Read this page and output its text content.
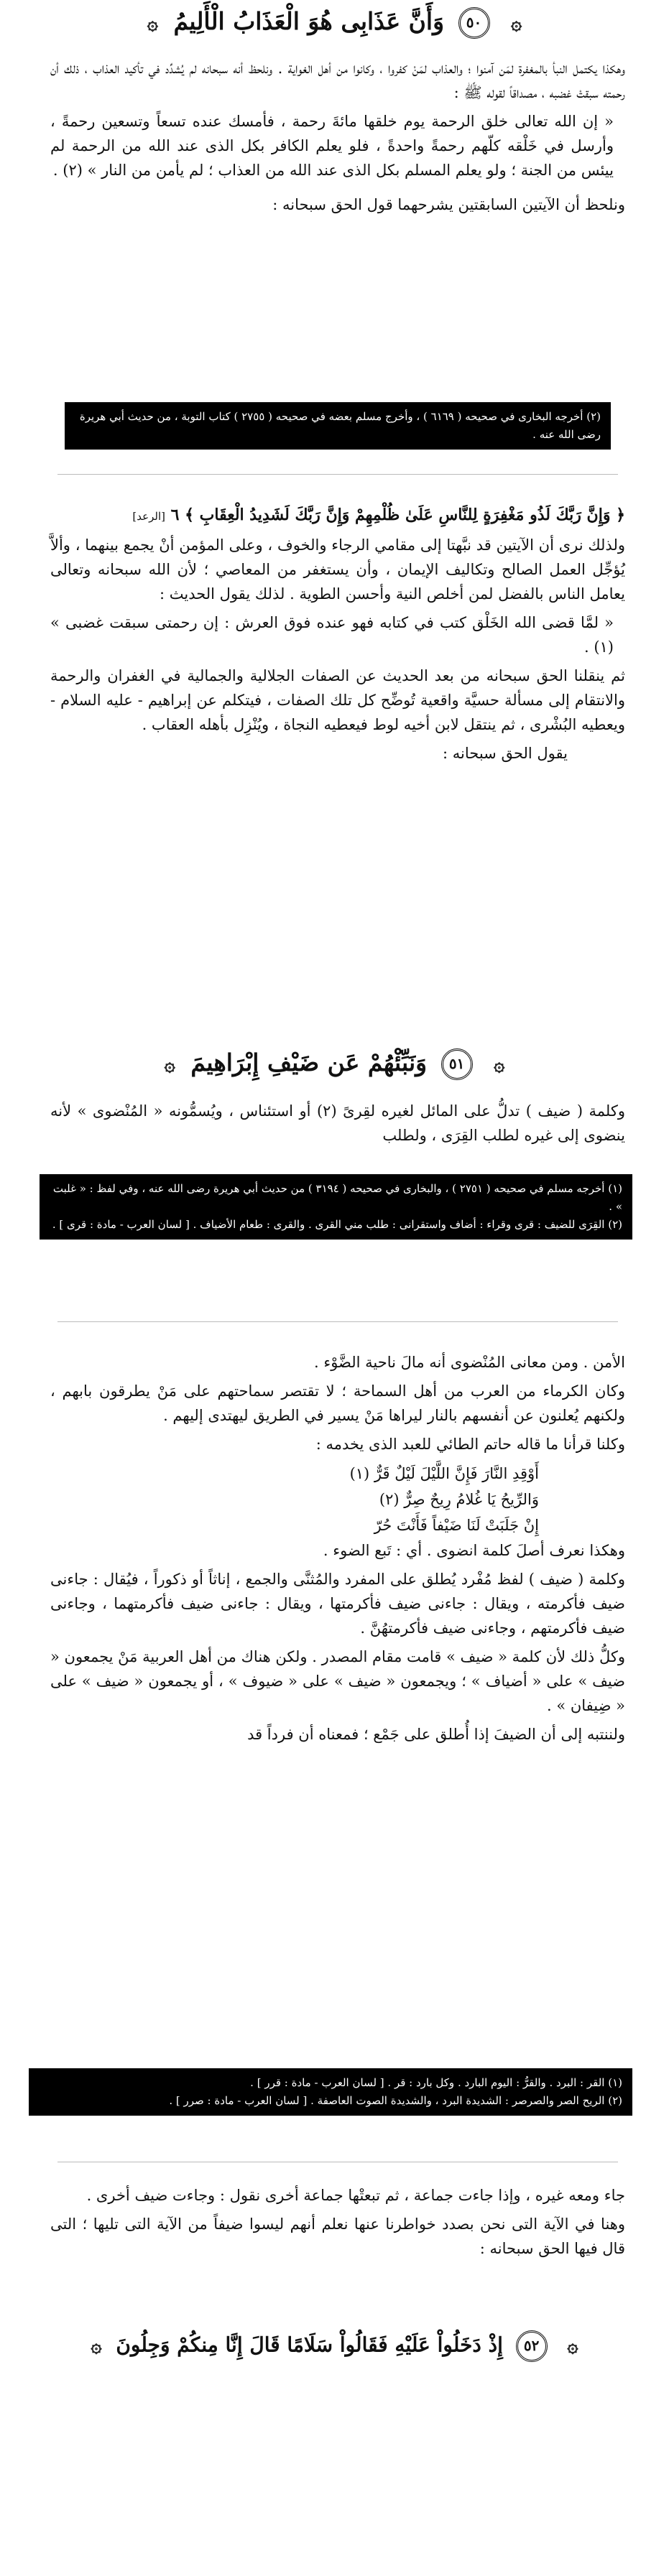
۞ ٥٠ وَأَنَّ عَذَابِى هُوَ الْعَذَابُ الْأَلِيمُ ۞

وهكذا يكتمل النبأ بالمغفرة لمَن آمنوا ؛ والعذاب لمَنْ كفروا ، وكانوا من أهل الغواية . ونلحظ أنه سبحانه لم يُشدِّد في تأكيد العذاب ، ذلك أن رحمته سبقتْ غضبه ، مصداقاً لقوله ﷺ :

« إن الله تعالى خلق الرحمة يوم خلقها مائةَ رحمة ، فأمسك عنده تسعاً وتسعين رحمةً ، وأرسل في خَلْقه كلّهم رحمةً واحدةً ، فلو يعلم الكافر بكل الذى عند الله من الرحمة لم ييئس من الجنة ؛ ولو يعلم المسلم بكل الذى عند الله من العذاب ؛ لم يأمن من النار » (٢) .

ونلحظ أن الآيتين السابقتين يشرحهما قول الحق سبحانه :

(٢) أخرجه البخارى في صحيحه ( ٦١٦٩ ) ، وأخرج مسلم بعضه في صحيحه ( ٢٧٥٥ ) كتاب التوبة ، من حديث أبي هريرة رضى الله عنه .

﴿ وَإِنَّ رَبَّكَ لَذُو مَغْفِرَةٍ لِلنَّاسِ عَلَىٰ ظُلْمِهِمْ وَإِنَّ رَبَّكَ لَشَدِيدُ الْعِقَابِ ﴾ ٦ [الرعد]

ولذلك نرى أن الآيتين قد نبَّهتا إلى مقامي الرجاء والخوف ، وعلى المؤمن أنْ يجمع بينهما ، وألاَّ يُؤجِّل العمل الصالح وتكاليف الإيمان ، وأن يستغفر من المعاصي ؛ لأن الله سبحانه وتعالى يعامل الناس بالفضل لمن أخلص النية وأحسن الطوية . لذلك يقول الحديث :

« لمَّا قضى الله الخَلْق كتب في كتابه فهو عنده فوق العرش : إن رحمتى سبقت غضبى » (١) .

ثم ينقلنا الحق سبحانه من بعد الحديث عن الصفات الجلالية والجمالية في الغفران والرحمة والانتقام إلى مسألة حسيَّة واقعية تُوضِّح كل تلك الصفات ، فيتكلم عن إبراهيم - عليه السلام - ويعطيه البُشْرى ، ثم ينتقل لابن أخيه لوط فيعطيه النجاة ، ويُنْزِل بأهله العقاب .

يقول الحق سبحانه :

۞ ٥١ وَنَبِّئْهُمْ عَن ضَيْفِ إِبْرَاهِيمَ ۞

وكلمة ( ضيف ) تدلُّ على المائل لغيره لقِرىً (٢) أو استئناس ، ويُسمُّونه « المُنْضوى » لأنه ينضوى إلى غيره لطلب القِرَى ، ولطلب

(١) أخرجه مسلم في صحيحه ( ٢٧٥١ ) ، والبخارى في صحيحه ( ٣١٩٤ ) من حديث أبي هريرة رضى الله عنه ، وفي لفظ : « غلبت » .

(٢) القِرَى للضيف : قرى وقراء : أضاف واستقرانى : طلب مني القرى . والقرى : طعام الأضياف . [ لسان العرب - مادة : قرى ] .

الأمن . ومن معانى المُنْضوى أنه مالَ ناحية الضَّوْء .

وكان الكرماء من العرب من أهل السماحة ؛ لا تقتصر سماحتهم على مَنْ يطرقون بابهم ، ولكنهم يُعلنون عن أنفسهم بالنار ليراها مَنْ يسير في الطريق ليهتدى إليهم .

وكلنا قرأنا ما قاله حاتم الطائي للعبد الذى يخدمه :

أَوْقِدِ النَّارَ فَإِنَّ اللَّيْلَ لَيْلٌ قَرٌّ (١)
وَالرِّيحُ يَا غُلامُ رِيحٌ صِرٌّ (٢)
إِنْ جَلَبَتْ لَنَا ضَيْفاً فَأَنْتَ حُرّ

وهكذا نعرف أصلَ كلمة انضوى . أي : تَبع الضوء .

وكلمة ( ضيف ) لفظ مُفْرد يُطلق على المفرد والمُثنَّى والجمع ، إناثاً أو ذكوراً ، فيُقال : جاءنى ضيف فأكرمته ، ويقال : جاءنى ضيف فأكرمتها ، ويقال : جاءنى ضيف فأكرمتهما ، وجاءنى ضيف فأكرمتهم ، وجاءنى ضيف فأكرمتهُنَّ .

وكلُّ ذلك لأن كلمة « ضيف » قامت مقام المصدر . ولكن هناك من أهل العربية مَنْ يجمعون « ضيف » على « أضياف » ؛ ويجمعون « ضيف » على « ضيوف » ، أو يجمعون « ضيف » على « ضِيفان » .

ولننتبه إلى أن الضيفَ إذا أُطلق على جَمْع ؛ فمعناه أن فرداً قد

(١) القر : البرد . والقرُّ : اليوم البارد . وكل بارد : قر . [ لسان العرب - مادة : قرر ] .

(٢) الريح الصر والصرصر : الشديدة البرد ، والشديدة الصوت العاصفة . [ لسان العرب - مادة : صرر ] .

جاء ومعه غيره ، وإذا جاءت جماعة ، ثم تبعتْها جماعة أخرى نقول : وجاءت ضيف أخرى .

وهنا في الآية التى نحن بصدد خواطرنا عنها نعلم أنهم ليسوا ضيفاً من الآية التى تليها ؛ التى قال فيها الحق سبحانه :

۞ ٥٢ إِذْ دَخَلُواْ عَلَيْهِ فَقَالُواْ سَلَامًا قَالَ إِنَّا مِنكُمْ وَجِلُونَ ۞
